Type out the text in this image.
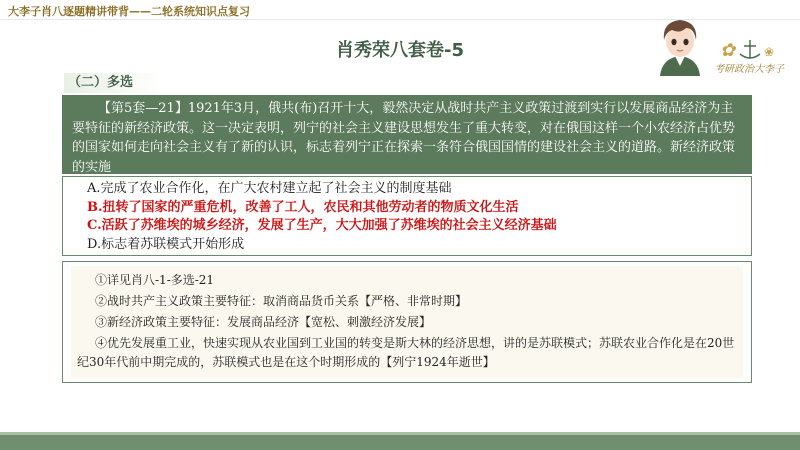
大李子肖八逐题精讲带背——二轮系统知识点复习
肖秀荣八套卷-5	✿ ❀
考研政治大李子
（二）多选
【第5套—21】1921年3月，俄共(布)召开十大，毅然决定从战时共产主义政策过渡到实行以发展商品经济为主要特征的新经济政策。这一决定表明，列宁的社会主义建设思想发生了重大转变，对在俄国这样一个小农经济占优势的国家如何走向社会主义有了新的认识，标志着列宁正在探索一条符合俄国国情的建设社会主义的道路。新经济政策的实施
A.完成了农业合作化，在广大农村建立起了社会主义的制度基础
B.扭转了国家的严重危机，改善了工人，农民和其他劳动者的物质文化生活
C.活跃了苏维埃的城乡经济，发展了生产，大大加强了苏维埃的社会主义经济基础
D.标志着苏联模式开始形成
①详见肖八-1-多选-21
②战时共产主义政策主要特征：取消商品货币关系【严格、非常时期】
③新经济政策主要特征：发展商品经济【宽松、刺激经济发展】
④优先发展重工业，快速实现从农业国到工业国的转变是斯大林的经济思想，讲的是苏联模式；苏联农业合作化是在20世纪30年代前中期完成的，苏联模式也是在这个时期形成的【列宁1924年逝世】
